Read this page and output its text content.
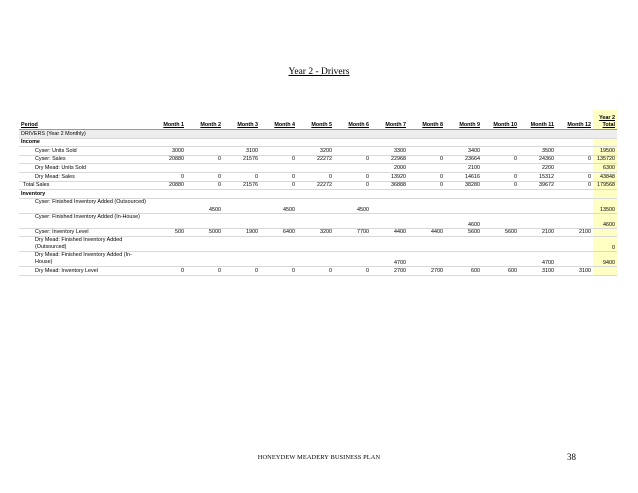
Year 2 - Drivers
Period	Month 1	Month 2	Month 3	Month 4	Month 5	Month 6	Month 7	Month 8	Month 9	Month 10	Month 11	Month 12	Year 2 Total
DRIVERS (Year 2 Monthly)													
Income													
Cyser: Units Sold	3000		3100		3200		3300		3400		3500		19500
Cyser: Sales	20880	0	21576	0	22272	0	22968	0	23664	0	24360	0	135720
Dry Mead: Units Sold							2000		2100		2200		6300
Dry Mead: Sales	0	0	0	0	0	0	13920	0	14616	0	15312	0	43848
Total Sales	20880	0	21576	0	22272	0	36888	0	38280	0	39672	0	179568
Inventory													
Cyser: Finished Inventory Added (Outsourced)		4500		4500		4500							13500
Cyser: Finished Inventory Added (In-House)									4600				4600
Cyser: Inventory Level	500	5000	1900	6400	3200	7700	4400	4400	5600	5600	2100	2100	
Dry Mead: Finished Inventory Added (Outsourced)													0
Dry Mead: Finished Inventory Added (In-House)							4700				4700		9400
Dry Mead: Inventory Level	0	0	0	0	0	0	2700	2700	600	600	3100	3100	
HONEYDEW MEADERY BUSINESS PLAN	38
